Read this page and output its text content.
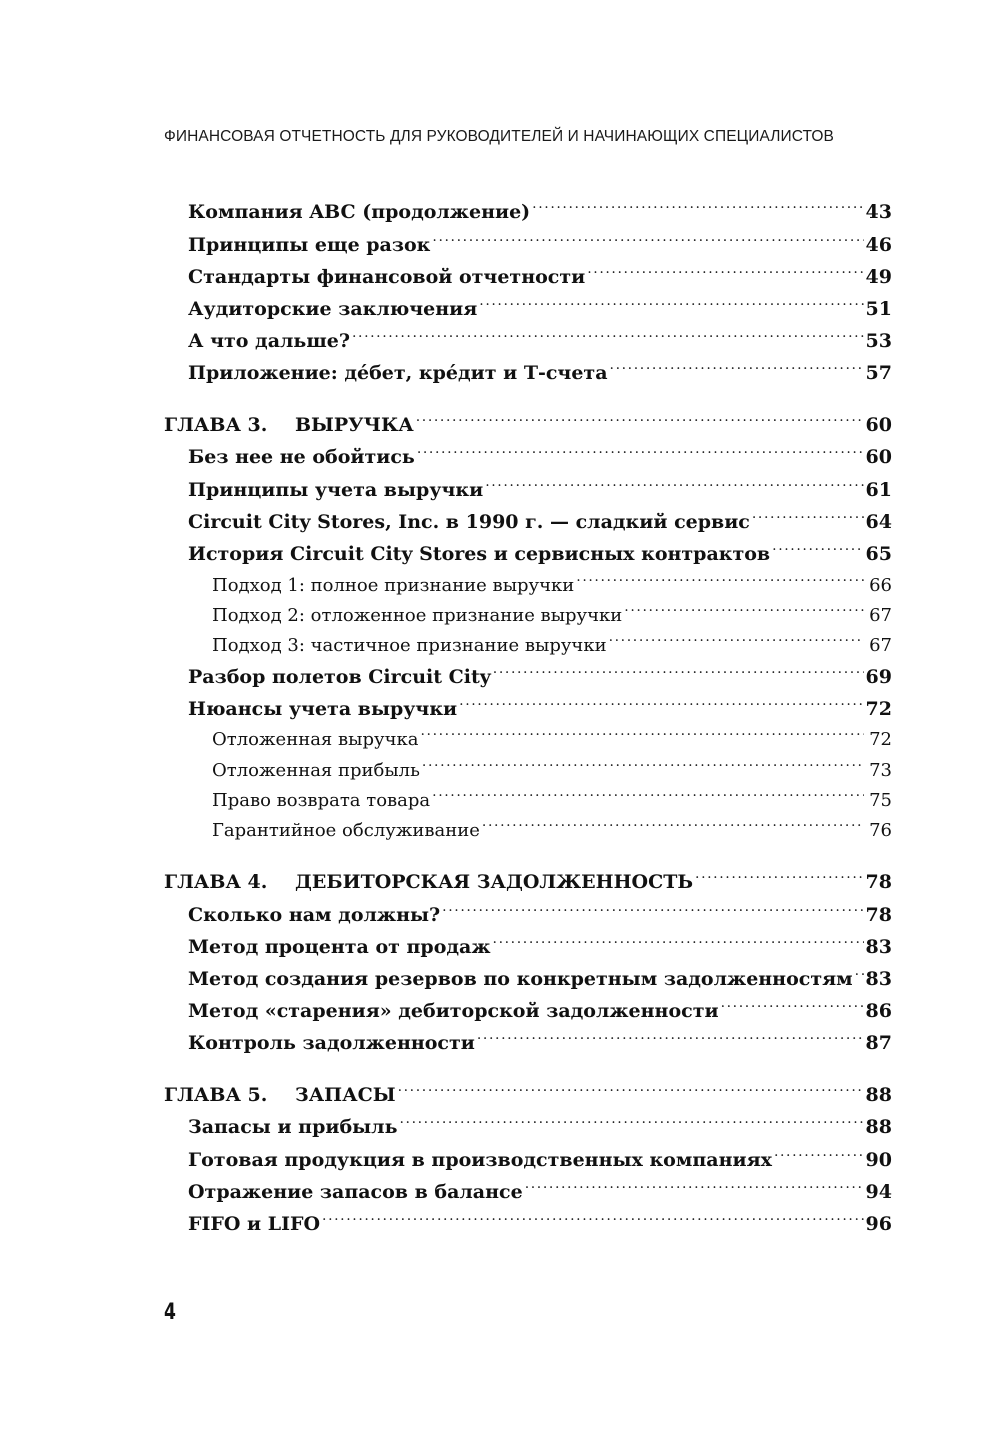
ФИНАНСОВАЯ ОТЧЕТНОСТЬ ДЛЯ РУКОВОДИТЕЛЕЙ И НАЧИНАЮЩИХ СПЕЦИАЛИСТОВ
Компания ABC (продолжение) .....	43
Принципы еще разок .....	46
Стандарты финансовой отчетности .....	49
Аудиторские заключения .....	51
А что дальше? .....	53
Приложение: дéбет, крéдит и Т-счета .....	57
ГЛАВА 3.	ВЫРУЧКА .....	60
Без нее не обойтись .....	60
Принципы учета выручки .....	61
Circuit City Stores, Inc. в 1990 г. — сладкий сервис .....	64
История Circuit City Stores и сервисных контрактов .....	65
Подход 1: полное признание выручки .....	66
Подход 2: отложенное признание выручки .....	67
Подход 3: частичное признание выручки .....	67
Разбор полетов Circuit City .....	69
Нюансы учета выручки .....	72
Отложенная выручка .....	72
Отложенная прибыль .....	73
Право возврата товара .....	75
Гарантийное обслуживание .....	76
ГЛАВА 4.	ДЕБИТОРСКАЯ ЗАДОЛЖЕННОСТЬ .....	78
Сколько нам должны? .....	78
Метод процента от продаж .....	83
Метод создания резервов по конкретным задолженностям ..... 83
Метод «старения» дебиторской задолженности .....	86
Контроль задолженности .....	87
ГЛАВА 5.	ЗАПАСЫ .....	88
Запасы и прибыль .....	88
Готовая продукция в производственных компаниях .....	90
Отражение запасов в балансе .....	94
FIFO и LIFO .....	96
4
